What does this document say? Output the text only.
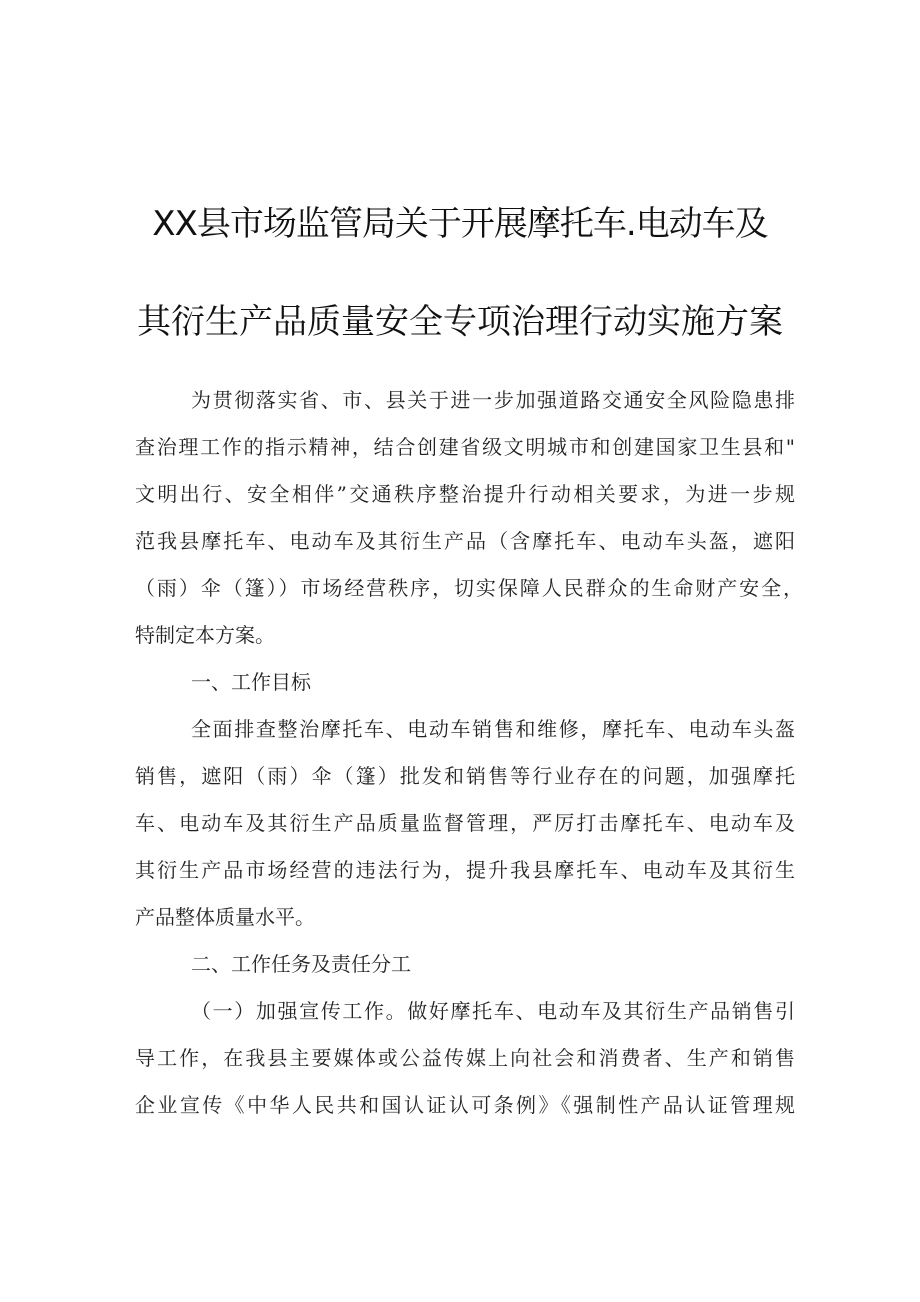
XX县市场监管局关于开展摩托车.电动车及
其衍生产品质量安全专项治理行动实施方案
为贯彻落实省、市、县关于进一步加强道路交通安全风险隐患排
查治理工作的指示精神，结合创建省级文明城市和创建国家卫生县和"
文明出行、安全相伴”交通秩序整治提升行动相关要求，为进一步规
范我县摩托车、电动车及其衍生产品（含摩托车、电动车头盔，遮阳
（雨）伞（篷））市场经营秩序，切实保障人民群众的生命财产安全，
特制定本方案。
一、工作目标
全面排查整治摩托车、电动车销售和维修，摩托车、电动车头盔
销售，遮阳（雨）伞（篷）批发和销售等行业存在的问题，加强摩托
车、电动车及其衍生产品质量监督管理，严厉打击摩托车、电动车及
其衍生产品市场经营的违法行为，提升我县摩托车、电动车及其衍生
产品整体质量水平。
二、工作任务及责任分工
（一）加强宣传工作。做好摩托车、电动车及其衍生产品销售引
导工作，在我县主要媒体或公益传媒上向社会和消费者、生产和销售
企业宣传《中华人民共和国认证认可条例》《强制性产品认证管理规
